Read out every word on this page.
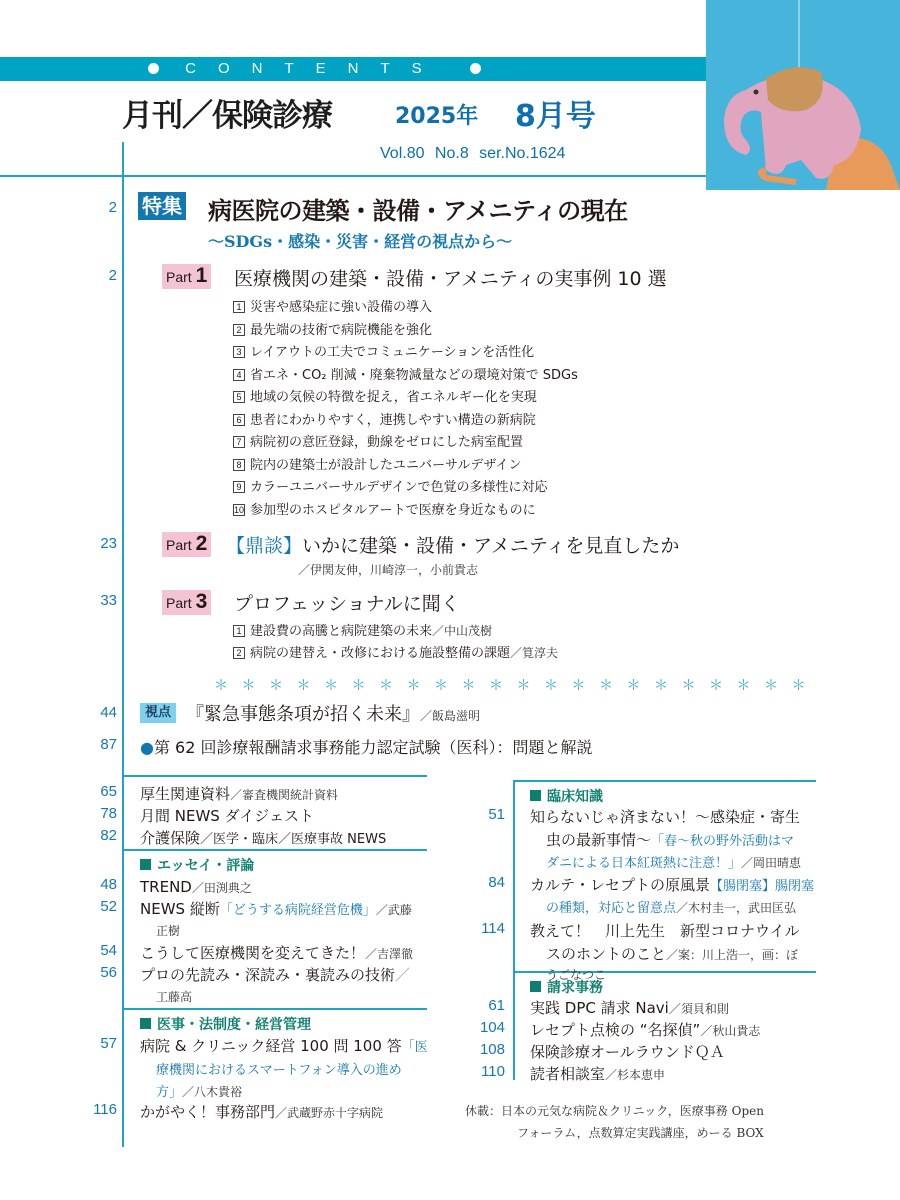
CONTENTS
月刊／保険診療	2025年 8月号
Vol.80 No.8 ser.No.1624
2 特集 病医院の建築・設備・アメニティの現在
～SDGs・感染・災害・経営の視点から～
2	Part 1 医療機関の建築・設備・アメニティの実事例 10 選
1 災害や感染症に強い設備の導入
2 最先端の技術で病院機能を強化
3 レイアウトの工夫でコミュニケーションを活性化
4 省エネ・CO₂ 削減・廃棄物減量などの環境対策で SDGs
5 地域の気候の特徴を捉え，省エネルギー化を実現
6 患者にわかりやすく，連携しやすい構造の新病院
7 病院初の意匠登録，動線をゼロにした病室配置
8 院内の建築士が設計したユニバーサルデザイン
9 カラーユニバーサルデザインで色覚の多様性に対応
10 参加型のホスピタルアートで医療を身近なものに
23	Part 2 【鼎談】いかに建築・設備・アメニティを見直したか
／伊関友伸，川崎淳一，小前貴志
33	Part 3 プロフェッショナルに聞く
1 建設費の高騰と病院建築の未来／中山茂樹
2 病院の建替え・改修における施設整備の課題／筧淳夫
＊＊＊＊＊＊＊＊＊＊＊＊＊＊＊＊＊＊＊＊＊＊
44	視点 『緊急事態条項が招く未来』／飯島滋明
87 ●第 62 回診療報酬請求事務能力認定試験（医科）：問題と解説
65 厚生関連資料／審査機関統計資料
78 月間 NEWS ダイジェスト
82 介護保険／医学・臨床／医療事故 NEWS
エッセイ・評論
48 TREND／田渕典之
52 NEWS 縦断「どうする病院経営危機」／武藤
正樹
54 こうして医療機関を変えてきた！／吉澤徹
56 プロの先読み・深読み・裏読みの技術／
工藤高
医事・法制度・経営管理
57 病院 & クリニック経営 100 問 100 答「医
療機関におけるスマートフォン導入の進め
方」／八木貴裕
116 かがやく！事務部門／武蔵野赤十字病院
臨床知識
51 知らないじゃ済まない！～感染症・寄生
虫の最新事情～「春～秋の野外活動はマ
ダニによる日本紅斑熱に注意！」／岡田晴恵
84 カルテ・レセプトの原風景【腸閉塞】腸閉塞
の種類，対応と留意点／木村圭一，武田匡弘
114 教えて！　川上先生　新型コロナウイル
スのホントのこと／案：川上浩一，画：ぼ
うごなつこ
請求事務
61 実践 DPC 請求 Navi／須貝和則
104 レセプト点検の “名探偵”／秋山貴志
108 保険診療オールラウンドＱＡ
110 読者相談室／杉本恵申
休載：日本の元気な病院＆クリニック，医療事務 Open
フォーラム，点数算定実践講座，めーる BOX
